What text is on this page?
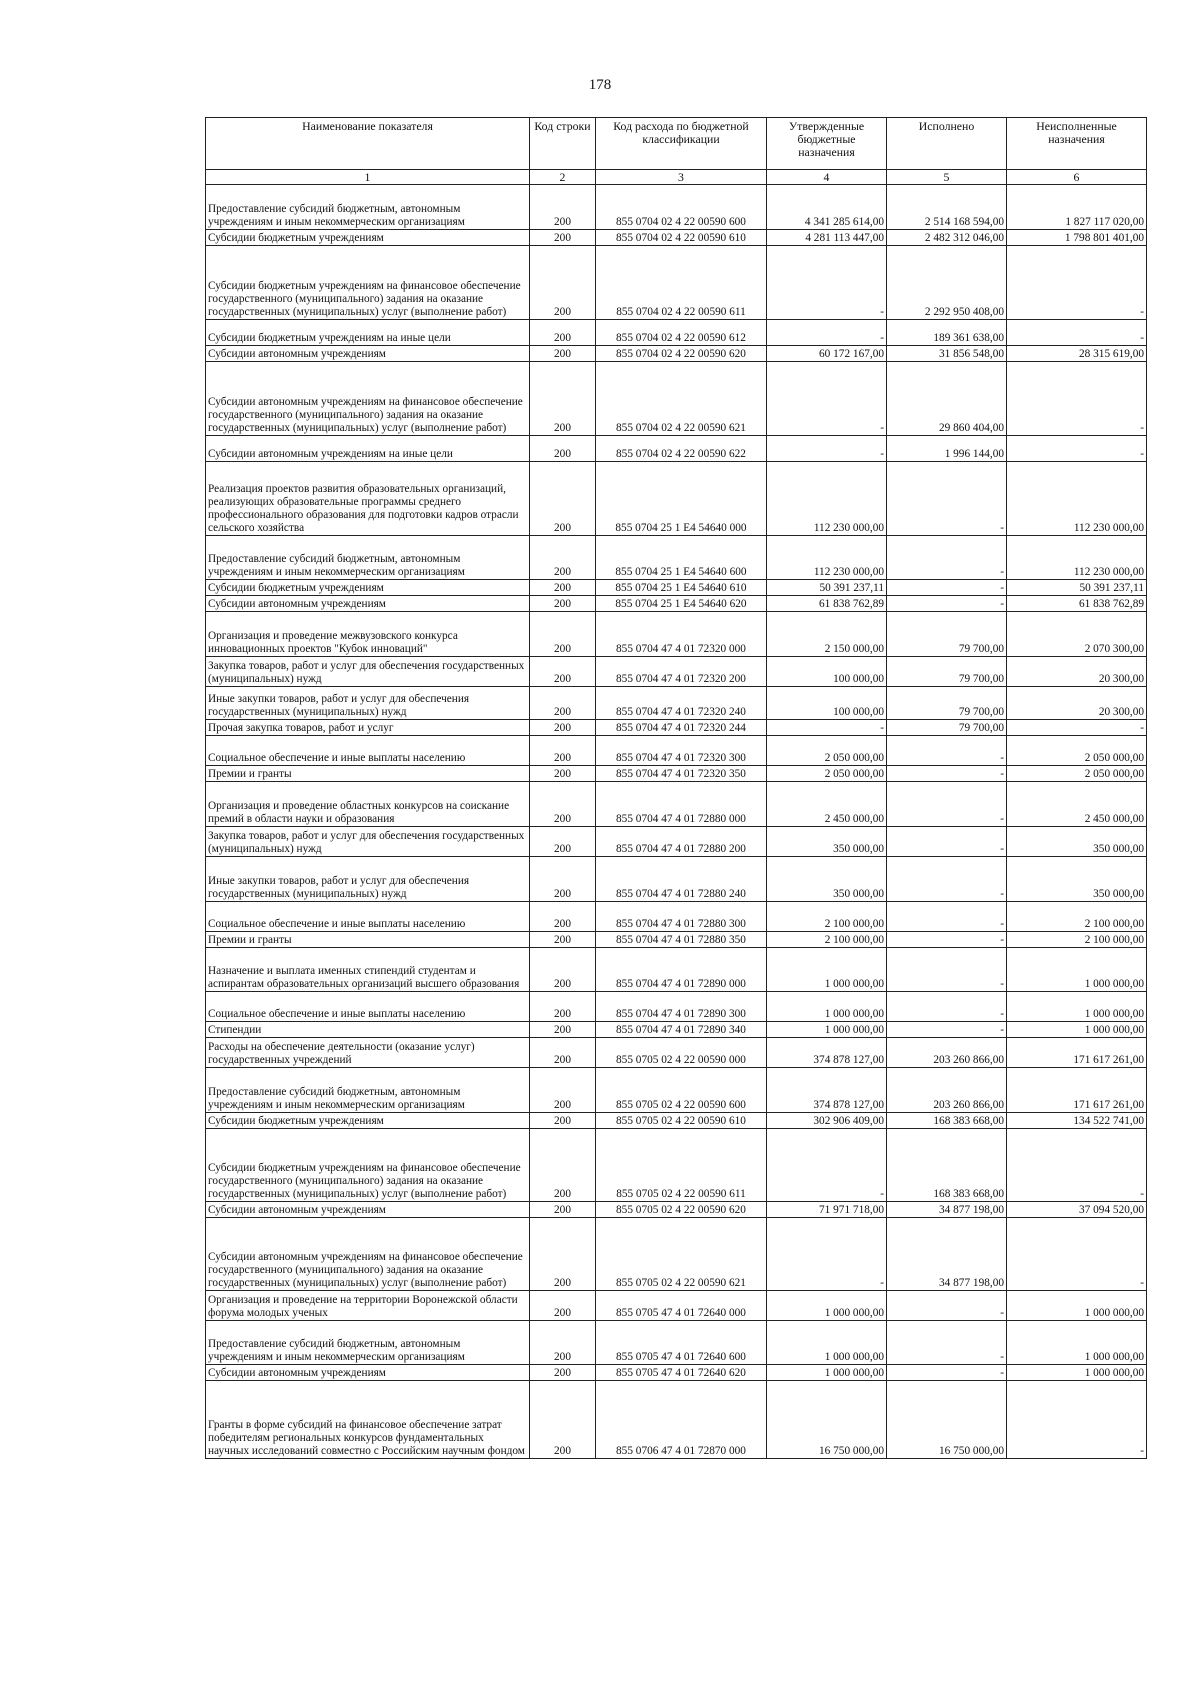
178
Наименование показателя	Код строки	Код расхода по бюджетной классификации	Утвержденные бюджетные назначения	Исполнено	Неисполненные назначения
1	2	3	4	5	6
Предоставление субсидий бюджетным, автономным учреждениям и иным некоммерческим организациям	200	855 0704 02 4 22 00590 600	4 341 285 614,00	2 514 168 594,00	1 827 117 020,00
Субсидии бюджетным учреждениям	200	855 0704 02 4 22 00590 610	4 281 113 447,00	2 482 312 046,00	1 798 801 401,00
Субсидии бюджетным учреждениям на финансовое обеспечение государственного (муниципального) задания на оказание государственных (муниципальных) услуг (выполнение работ)	200	855 0704 02 4 22 00590 611	-	2 292 950 408,00	-
Субсидии бюджетным учреждениям на иные цели	200	855 0704 02 4 22 00590 612	-	189 361 638,00	-
Субсидии автономным учреждениям	200	855 0704 02 4 22 00590 620	60 172 167,00	31 856 548,00	28 315 619,00
Субсидии автономным учреждениям на финансовое обеспечение государственного (муниципального) задания на оказание государственных (муниципальных) услуг (выполнение работ)	200	855 0704 02 4 22 00590 621	-	29 860 404,00	-
Субсидии автономным учреждениям на иные цели	200	855 0704 02 4 22 00590 622	-	1 996 144,00	-
Реализация проектов развития образовательных организаций, реализующих образовательные программы среднего профессионального образования для подготовки кадров отрасли сельского хозяйства	200	855 0704 25 1 E4 54640 000	112 230 000,00	-	112 230 000,00
Предоставление субсидий бюджетным, автономным учреждениям и иным некоммерческим организациям	200	855 0704 25 1 E4 54640 600	112 230 000,00	-	112 230 000,00
Субсидии бюджетным учреждениям	200	855 0704 25 1 E4 54640 610	50 391 237,11	-	50 391 237,11
Субсидии автономным учреждениям	200	855 0704 25 1 E4 54640 620	61 838 762,89	-	61 838 762,89
Организация и проведение межвузовского конкурса инновационных проектов "Кубок инноваций"	200	855 0704 47 4 01 72320 000	2 150 000,00	79 700,00	2 070 300,00
Закупка товаров, работ и услуг для обеспечения государственных (муниципальных) нужд	200	855 0704 47 4 01 72320 200	100 000,00	79 700,00	20 300,00
Иные закупки товаров, работ и услуг для обеспечения государственных (муниципальных) нужд	200	855 0704 47 4 01 72320 240	100 000,00	79 700,00	20 300,00
Прочая закупка товаров, работ и услуг	200	855 0704 47 4 01 72320 244	-	79 700,00	-
Социальное обеспечение и иные выплаты населению	200	855 0704 47 4 01 72320 300	2 050 000,00	-	2 050 000,00
Премии и гранты	200	855 0704 47 4 01 72320 350	2 050 000,00	-	2 050 000,00
Организация и проведение областных конкурсов на соискание премий в области науки и образования	200	855 0704 47 4 01 72880 000	2 450 000,00	-	2 450 000,00
Закупка товаров, работ и услуг для обеспечения государственных (муниципальных) нужд	200	855 0704 47 4 01 72880 200	350 000,00	-	350 000,00
Иные закупки товаров, работ и услуг для обеспечения государственных (муниципальных) нужд	200	855 0704 47 4 01 72880 240	350 000,00	-	350 000,00
Социальное обеспечение и иные выплаты населению	200	855 0704 47 4 01 72880 300	2 100 000,00	-	2 100 000,00
Премии и гранты	200	855 0704 47 4 01 72880 350	2 100 000,00	-	2 100 000,00
Назначение и выплата именных стипендий студентам и аспирантам образовательных организаций высшего образования	200	855 0704 47 4 01 72890 000	1 000 000,00	-	1 000 000,00
Социальное обеспечение и иные выплаты населению	200	855 0704 47 4 01 72890 300	1 000 000,00	-	1 000 000,00
Стипендии	200	855 0704 47 4 01 72890 340	1 000 000,00	-	1 000 000,00
Расходы на обеспечение деятельности (оказание услуг) государственных учреждений	200	855 0705 02 4 22 00590 000	374 878 127,00	203 260 866,00	171 617 261,00
Предоставление субсидий бюджетным, автономным учреждениям и иным некоммерческим организациям	200	855 0705 02 4 22 00590 600	374 878 127,00	203 260 866,00	171 617 261,00
Субсидии бюджетным учреждениям	200	855 0705 02 4 22 00590 610	302 906 409,00	168 383 668,00	134 522 741,00
Субсидии бюджетным учреждениям на финансовое обеспечение государственного (муниципального) задания на оказание государственных (муниципальных) услуг (выполнение работ)	200	855 0705 02 4 22 00590 611	-	168 383 668,00	-
Субсидии автономным учреждениям	200	855 0705 02 4 22 00590 620	71 971 718,00	34 877 198,00	37 094 520,00
Субсидии автономным учреждениям на финансовое обеспечение государственного (муниципального) задания на оказание государственных (муниципальных) услуг (выполнение работ)	200	855 0705 02 4 22 00590 621	-	34 877 198,00	-
Организация и проведение на территории Воронежской области форума молодых ученых	200	855 0705 47 4 01 72640 000	1 000 000,00	-	1 000 000,00
Предоставление субсидий бюджетным, автономным учреждениям и иным некоммерческим организациям	200	855 0705 47 4 01 72640 600	1 000 000,00	-	1 000 000,00
Субсидии автономным учреждениям	200	855 0705 47 4 01 72640 620	1 000 000,00	-	1 000 000,00
Гранты в форме субсидий на финансовое обеспечение затрат победителям региональных конкурсов фундаментальных научных исследований совместно с Российским научным фондом	200	855 0706 47 4 01 72870 000	16 750 000,00	16 750 000,00	-
